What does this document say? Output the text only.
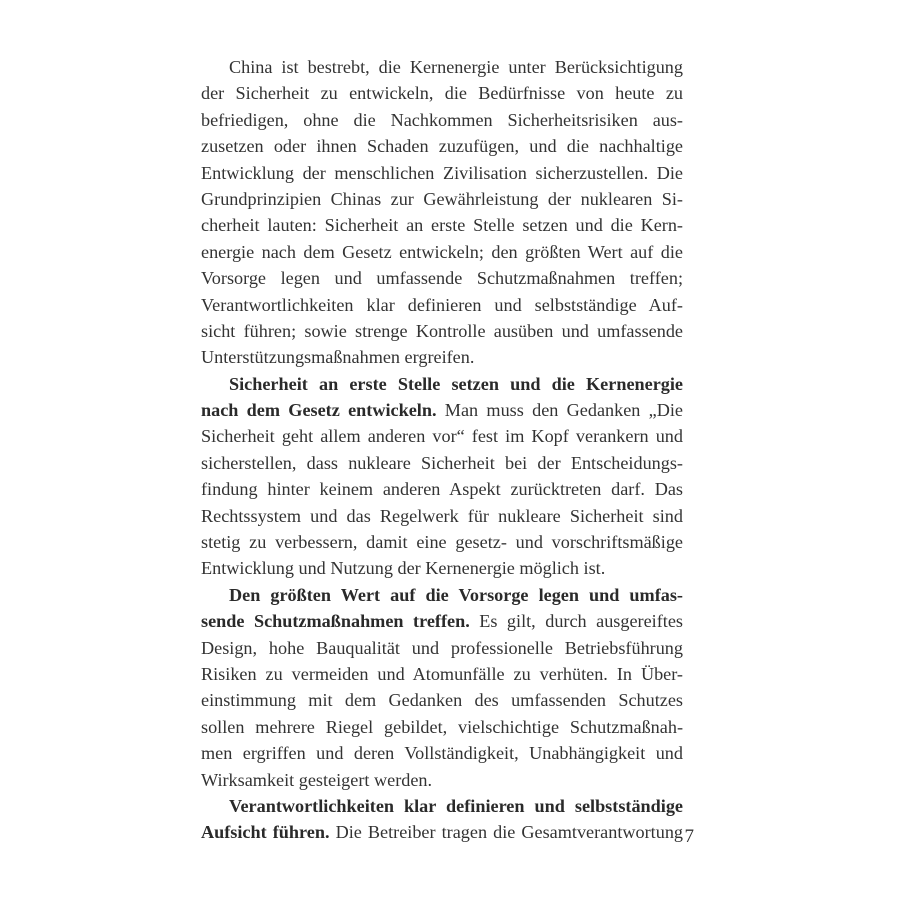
China ist bestrebt, die Kernenergie unter Berücksichtigung
der Sicherheit zu entwickeln, die Bedürfnisse von heute zu
befriedigen, ohne die Nachkommen Sicherheitsrisiken aus-
zusetzen oder ihnen Schaden zuzufügen, und die nachhaltige
Entwicklung der menschlichen Zivilisation sicherzustellen. Die
Grundprinzipien Chinas zur Gewährleistung der nuklearen Si-
cherheit lauten: Sicherheit an erste Stelle setzen und die Kern-
energie nach dem Gesetz entwickeln; den größten Wert auf die
Vorsorge legen und umfassende Schutzmaßnahmen treffen;
Verantwortlichkeiten klar definieren und selbstständige Auf-
sicht führen; sowie strenge Kontrolle ausüben und umfassende
Unterstützungsmaßnahmen ergreifen.
Sicherheit an erste Stelle setzen und die Kernenergie
nach dem Gesetz entwickeln. Man muss den Gedanken „Die
Sicherheit geht allem anderen vor“ fest im Kopf verankern und
sicherstellen, dass nukleare Sicherheit bei der Entscheidungs-
findung hinter keinem anderen Aspekt zurücktreten darf. Das
Rechtssystem und das Regelwerk für nukleare Sicherheit sind
stetig zu verbessern, damit eine gesetz- und vorschriftsmäßige
Entwicklung und Nutzung der Kernenergie möglich ist.
Den größten Wert auf die Vorsorge legen und umfas-
sende Schutzmaßnahmen treffen. Es gilt, durch ausgereiftes
Design, hohe Bauqualität und professionelle Betriebsführung
Risiken zu vermeiden und Atomunfälle zu verhüten. In Über-
einstimmung mit dem Gedanken des umfassenden Schutzes
sollen mehrere Riegel gebildet, vielschichtige Schutzmaßnah-
men ergriffen und deren Vollständigkeit, Unabhängigkeit und
Wirksamkeit gesteigert werden.
Verantwortlichkeiten klar definieren und selbstständige
Aufsicht führen. Die Betreiber tragen die Gesamtverantwortung 7
